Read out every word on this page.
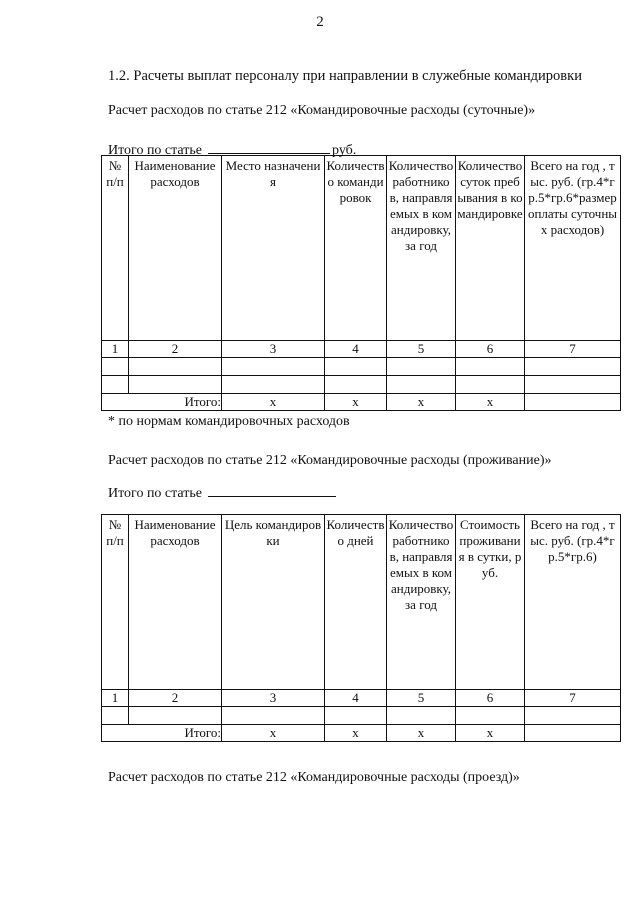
2
1.2. Расчеты выплат персоналу при направлении в служебные командировки
Расчет расходов по статье 212 «Командировочные расходы (суточные)»
Итого по статье	руб.
№ п/п	Наименование расходов	Место назначения	Количество командировок	Количество работников, направляемых в командировку, за год	Количество суток пребывания в командировке	Всего на год , тыс. руб. (гр.4*гр.5*гр.6*размер оплаты суточных расходов)
1	2	3	4	5	6	7

	Итого:	х	х	х	х	
* по нормам командировочных расходов
Расчет расходов по статье 212 «Командировочные расходы (проживание)»
Итого по статье
№ п/п	Наименование расходов	Цель командировки	Количество дней	Количество работников, направляемых в командировку, за год	Стоимость проживания в сутки, руб.	Всего на год , тыс. руб. (гр.4*гр.5*гр.6)
1	2	3	4	5	6	7

	Итого:	х	х	х	х	
Расчет расходов по статье 212 «Командировочные расходы (проезд)»
